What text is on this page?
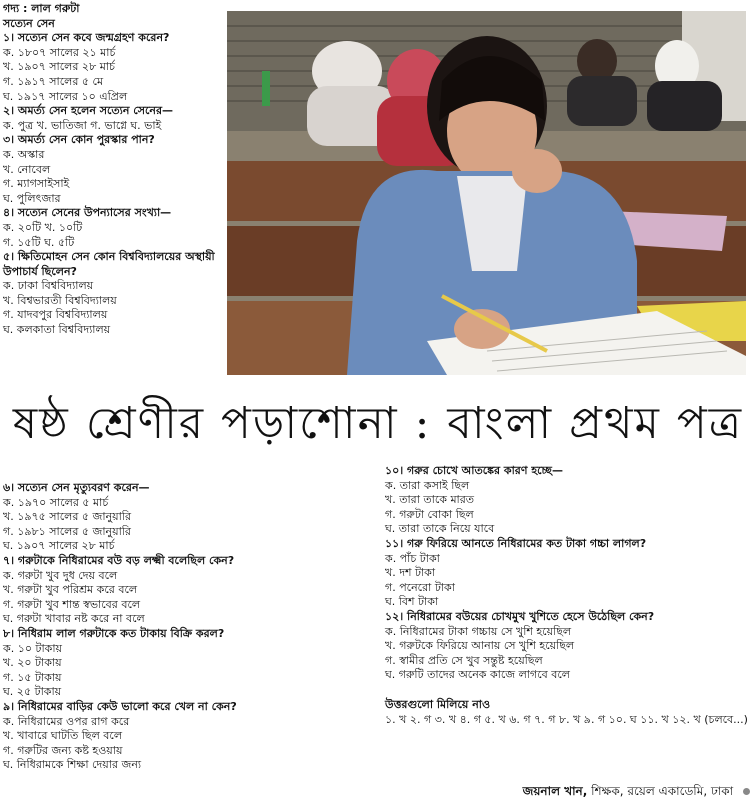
গদ্য : লাল গরুটা
সত্যেন সেন
১। সত্যেন সেন কবে জন্মগ্রহণ করেন?
ক. ১৮০৭ সালের ২১ মার্চ
খ. ১৯০৭ সালের ২৮ মার্চ
গ. ১৯১৭ সালের ৫ মে
ঘ. ১৯১৭ সালের ১০ এপ্রিল
২। অমর্ত্য সেন হলেন সত্যেন সেনের—
ক. পুত্র খ. ভাতিজা গ. ভাগ্নে ঘ. ভাই
৩। অমর্ত্য সেন কোন পুরস্কার পান?
ক. অস্কার
খ. নোবেল
গ. ম্যাগসাইসাই
ঘ. পুলিৎজার
৪। সত্যেন সেনের উপন্যাসের সংখ্যা—
ক. ২০টি খ. ১০টি
গ. ১৫টি ঘ. ৫টি
৫। ক্ষিতিমোহন সেন কোন বিশ্ববিদ্যালয়ের অস্থায়ী উপাচার্য ছিলেন?
ক. ঢাকা বিশ্ববিদ্যালয়
খ. বিশ্বভারতী বিশ্ববিদ্যালয়
গ. যাদবপুর বিশ্ববিদ্যালয়
ঘ. কলকাতা বিশ্ববিদ্যালয়
ষষ্ঠ শ্রেণীর পড়াশোনা : বাংলা প্রথম পত্র
৬। সত্যেন সেন মৃত্যুবরণ করেন—
ক. ১৯৭০ সালের ৫ মার্চ
খ. ১৯৭৫ সালের ৫ জানুয়ারি
গ. ১৯৮১ সালের ৫ জানুয়ারি
ঘ. ১৯০৭ সালের ২৮ মার্চ
৭। গরুটাকে নিধিরামের বউ বড় লক্ষ্মী বলেছিল কেন?
ক. গরুটা খুব দুধ দেয় বলে
খ. গরুটা খুব পরিশ্রম করে বলে
গ. গরুটা খুব শান্ত স্বভাবের বলে
ঘ. গরুটা খাবার নষ্ট করে না বলে
৮। নিধিরাম লাল গরুটাকে কত টাকায় বিক্রি করল?
ক. ১০ টাকায়
খ. ২০ টাকায়
গ. ১৫ টাকায়
ঘ. ২৫ টাকায়
৯। নিধিরামের বাড়ির কেউ ভালো করে খেল না কেন?
ক. নিধিরামের ওপর রাগ করে
খ. খাবারে ঘাটতি ছিল বলে
গ. গরুটির জন্য কষ্ট হওয়ায়
ঘ. নিধিরামকে শিক্ষা দেয়ার জন্য
১০। গরুর চোখে আতঙ্কের কারণ হচ্ছে—
ক. তারা কসাই ছিল
খ. তারা তাকে মারত
গ. গরুটা বোকা ছিল
ঘ. তারা তাকে নিয়ে যাবে
১১। গরু ফিরিয়ে আনতে নিধিরামের কত টাকা গচ্চা লাগল?
ক. পাঁচ টাকা
খ. দশ টাকা
গ. পনেরো টাকা
ঘ. বিশ টাকা
১২। নিধিরামের বউয়ের চোখমুখ খুশিতে হেসে উঠেছিল কেন?
ক. নিধিরামের টাকা গচ্চায় সে খুশি হয়েছিল
খ. গরুটকে ফিরিয়ে আনায় সে খুশি হয়েছিল
গ. স্বামীর প্রতি সে খুব সন্তুষ্ট হয়েছিল
ঘ. গরুটি তাদের অনেক কাজে লাগবে বলে
উত্তরগুলো মিলিয়ে নাও
১. খ ২. গ ৩. খ ৪. গ ৫. খ ৬. গ ৭. গ ৮. খ ৯. গ ১০. ঘ ১১. খ ১২. খ (চলবে...)
জয়নাল খান, শিক্ষক, রয়েল একাডেমি, ঢাকা
